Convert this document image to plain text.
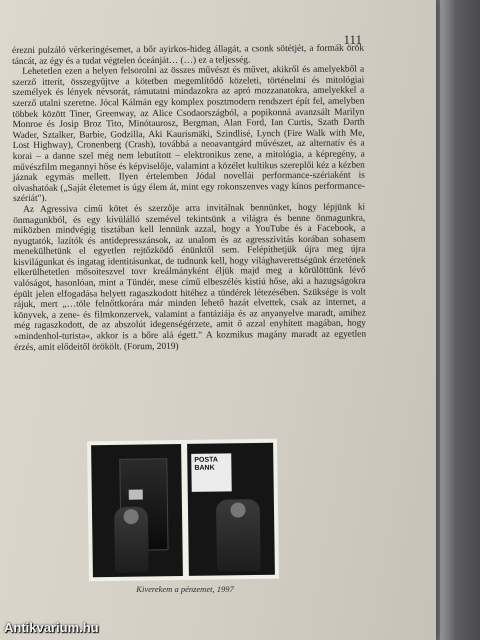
111

érezni pulzáló vérkeringésemet, a bőr ayirkos-hideg állagát, a csonk sötétjét, a formák örök táncát, az égy és a tudat végtelen óceánját… (…) ez a teljesség.

Lehetetlen ezen a helyen felsorolni az összes művészt és művet, akikről és amelyekből a szerző itterít, összegyűjtve a kötetben megemlítődő közeleti, történelmi és mitológiai személyek és lények névsorát, rámutatni mindazokra az apró mozzanatokra, amelyekkel a szerző utalni szeretne. Jócal Kálmán egy komplex posztmodern rendszert épít fel, amelyben többek között Tiner, Greenway, az Alice Csodaországból, a popikonná avanzsált Marilyn Monroe és Josip Broz Tito, Minótaurosz, Bergman, Alan Ford, Ian Curtis, Szath Darth Wader, Sztalker, Barbie, Godzilla, Aki Kaurismäki, Szindlisé, Lynch (Fire Walk with Me, Lost Highway), Cronenberg (Crash), továbbá a neoavantgárd művészet, az alternatív és a korai – a danne szel még nem lebutított – elektronikus zene, a mitológia, a képregény, a művészfilm megannyi hőse és képviselője, valamint a közélet kultikus szereplői kéz a kézben jáznak egymás mellett. Ilyen értelemben Jódal novellái performance-szériaként is olvashatóak („Saját életemet is úgy élem át, mint egy rokonszenves vagy kínos performance-szériát").

Az Agressiva című kötet és szerzője arra invitálnak bennünket, hogy lépjünk ki önmagunkból, és egy kívülálló szemével tekintsünk a világra és benne önmagunkra, miközben mindvégig tisztában kell lennünk azzal, hogy a YouTube és a Facebook, a nyugtatók, lazítók és antidepresszánsok, az unalom és az agresszivitás korában sohasem menekülhetünk el egyetlen rejtőzködő énünktől sem. Felépíthetjük újra meg újra kisvilágunkat és ingatag identitásunkat, de tudnunk kell, hogy világhaverettségünk érzetének elkerülhetetlen mősoiteszvel tovr kreálmányként éljük majd meg a körülöttünk lévő valóságot, hasonlóan, mint a Tündér, mese című elbeszélés kistiú hőse, aki a hazugságokra épült jelen elfogadása helyett ragaszkodott hitéhez a tündérek létezésében. Szüksége is volt rájuk, mert „…töle felnőttkorára már minden lehető hazát elvettek, csak az internet, a könyvek, a zene- és filmkonzervek, valamint a fantáziája és az anyanyelve maradt, amihez még ragaszkodott, de az abszolút idegenségérzete, amit ő azzal enyhített magában, hogy »mindenhol-turista«, akkor is a bőre alá égett." A kozmikus magány maradt az egyetlen érzés, amit elődeitől örökölt. (Forum, 2019)

POSTA BANK
Kiverekem a pénzemet, 1997
Antikvarium.hu
